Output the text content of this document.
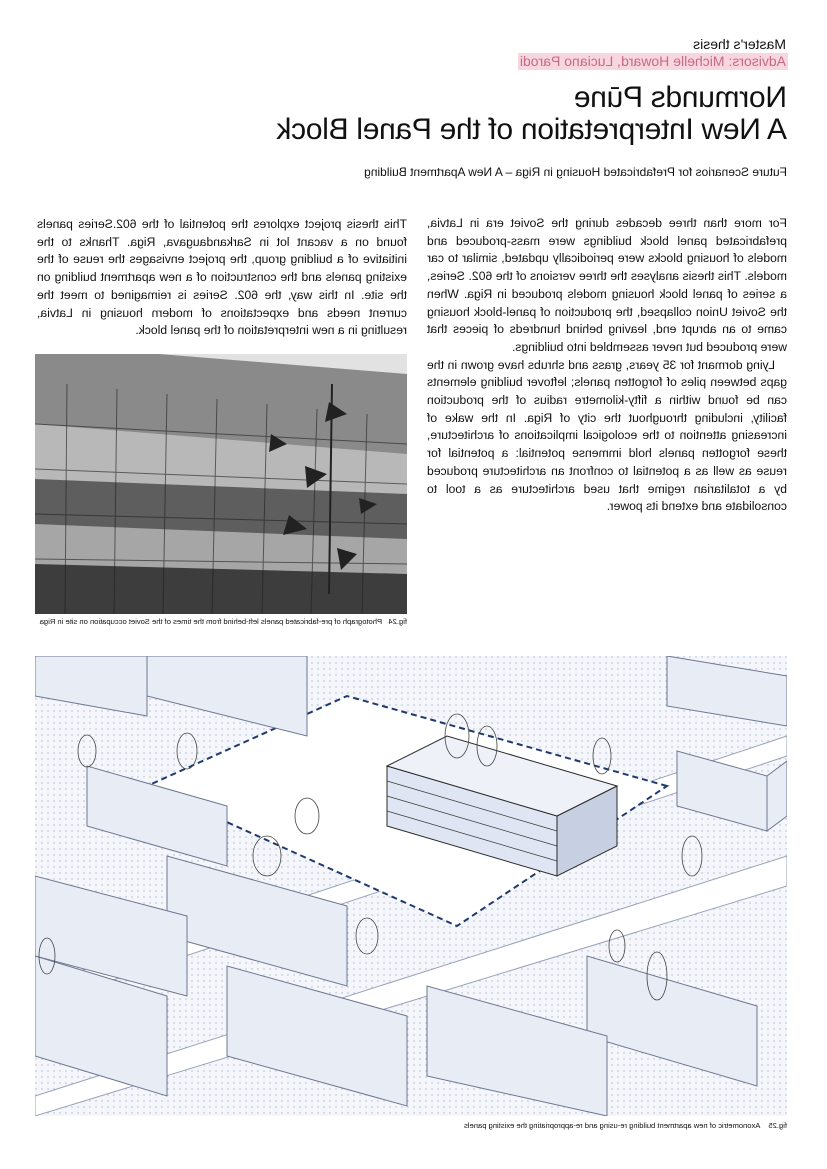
Master's thesis
Advisors: Michelle Howard, Luciano Parodi
Normunds Pūne
A New Interpretation of the Panel Block
Future Scenarios for Prefabricated Housing in Riga – A New Apartment Building
For more than three decades during the Soviet era in Latvia, prefabricated panel block buildings were mass-produced and models of housing blocks were periodically updated, similar to car models. This thesis analyses the three versions of the 602. Series, a series of panel block housing models produced in Riga. When the Soviet Union collapsed, the production of panel-block housing came to an abrupt end, leaving behind hundreds of pieces that were produced but never assembled into buildings.
Lying dormant for 35 years, grass and shrubs have grown in the gaps between piles of forgotten panels; leftover building elements can be found within a fifty-kilometre radius of the production facility, including throughout the city of Riga. In the wake of increasing attention to the ecological implications of architecture, these forgotten panels hold immense potential: a potential for reuse as well as a potential to confront an architecture produced by a totalitarian regime that used architecture as a tool to consolidate and extend its power.
This thesis project explores the potential of the 602.Series panels found on a vacant lot in Sarkandaugava, Riga. Thanks to the initiative of a building group, the project envisages the reuse of the existing panels and the construction of a new apartment building on the site. In this way, the 602. Series is reimagined to meet the current needs and expectations of modern housing in Latvia, resulting in a new interpretation of the panel block.
fig.24   Photograph of pre-fabricated panels left-behind from the times of the Soviet occupation on site in Riga
fig.25    Axonometric of new apartment building re-using and re-appropriating the existing panels
